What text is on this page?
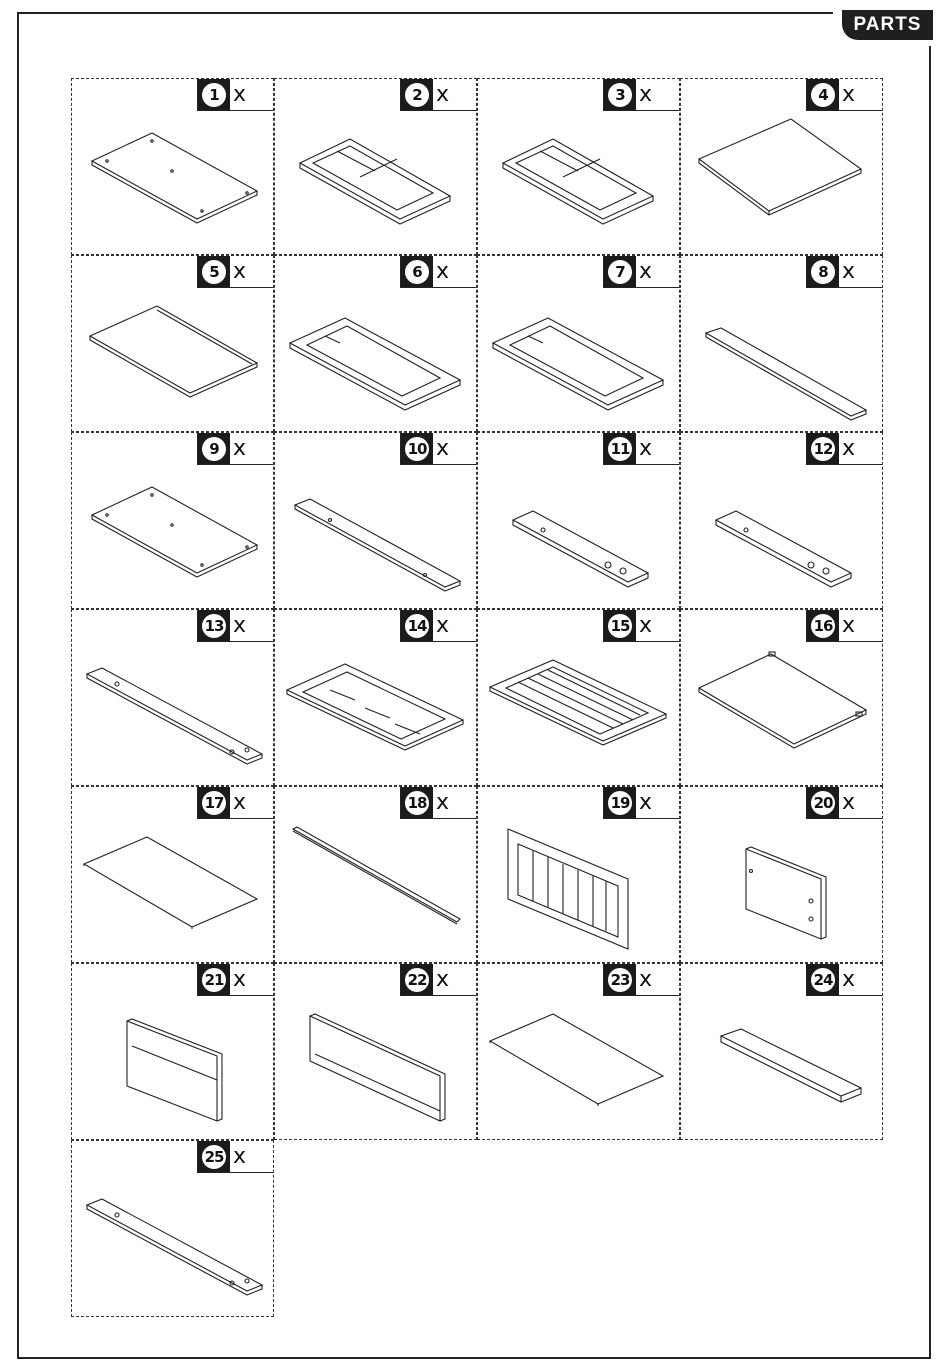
PARTS
1 x	2 x	3 x	4 x
5 x	6 x	7 x	8 x
9 x	10 x	11 x	12 x
13 x	14 x	15 x	16 x
17 x	18 x	19 x	20 x
21 x	22 x	23 x	24 x
25 x
